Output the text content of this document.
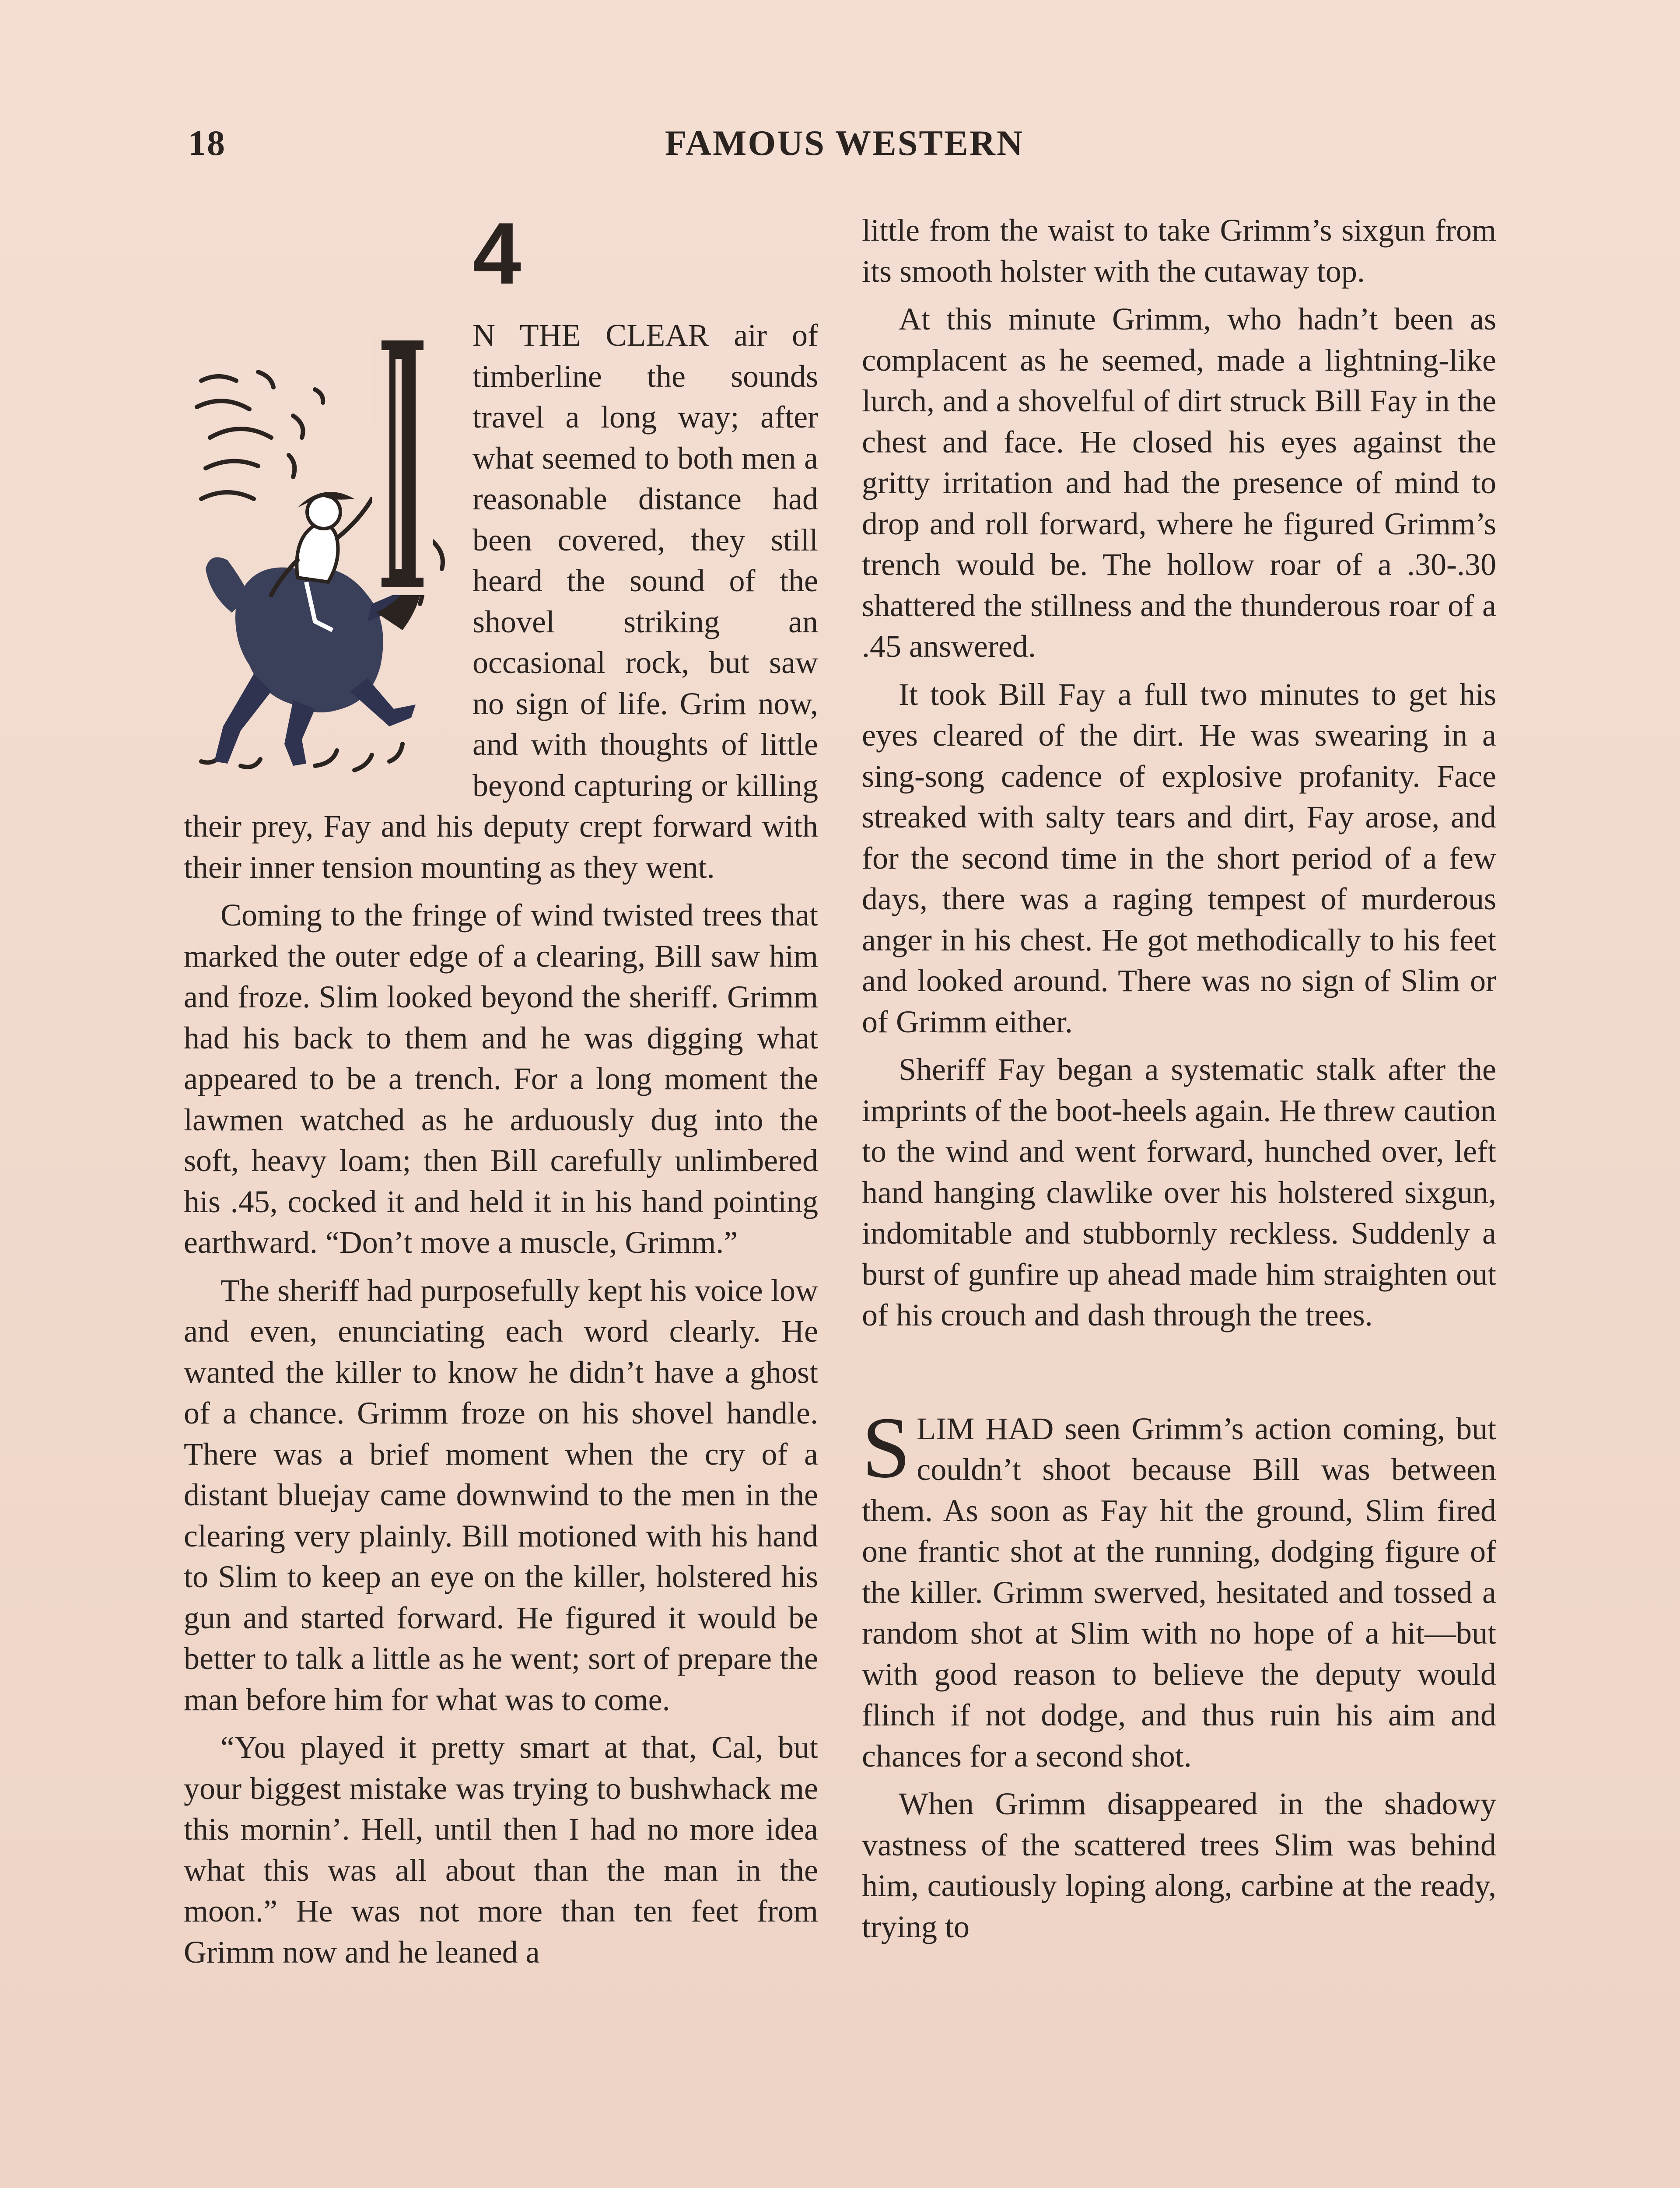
18	FAMOUS WESTERN
4

N THE CLEAR air of timberline the sounds travel a long way; after what seemed to both men a reasonable distance had been covered, they still heard the sound of the shovel striking an occasional rock, but saw no sign of life. Grim now, and with thoughts of little beyond capturing or killing their prey, Fay and his deputy crept forward with their inner tension mounting as they went.

Coming to the fringe of wind twisted trees that marked the outer edge of a clearing, Bill saw him and froze. Slim looked beyond the sheriff. Grimm had his back to them and he was digging what appeared to be a trench. For a long moment the lawmen watched as he arduously dug into the soft, heavy loam; then Bill carefully unlimbered his .45, cocked it and held it in his hand pointing earthward. “Don’t move a muscle, Grimm.”

The sheriff had purposefully kept his voice low and even, enunciating each word clearly. He wanted the killer to know he didn’t have a ghost of a chance. Grimm froze on his shovel handle. There was a brief moment when the cry of a distant bluejay came downwind to the men in the clearing very plainly. Bill motioned with his hand to Slim to keep an eye on the killer, holstered his gun and started forward. He figured it would be better to talk a little as he went; sort of prepare the man before him for what was to come.

“You played it pretty smart at that, Cal, but your biggest mistake was trying to bushwhack me this mornin’. Hell, until then I had no more idea what this was all about than the man in the moon.” He was not more than ten feet from Grimm now and he leaned a

little from the waist to take Grimm’s sixgun from its smooth holster with the cutaway top.

At this minute Grimm, who hadn’t been as complacent as he seemed, made a lightning-like lurch, and a shovelful of dirt struck Bill Fay in the chest and face. He closed his eyes against the gritty irritation and had the presence of mind to drop and roll forward, where he figured Grimm’s trench would be. The hollow roar of a .30-.30 shattered the stillness and the thunderous roar of a .45 answered.

It took Bill Fay a full two minutes to get his eyes cleared of the dirt. He was swearing in a sing-song cadence of explosive profanity. Face streaked with salty tears and dirt, Fay arose, and for the second time in the short period of a few days, there was a raging tempest of murderous anger in his chest. He got methodically to his feet and looked around. There was no sign of Slim or of Grimm either.

Sheriff Fay began a systematic stalk after the imprints of the boot-heels again. He threw caution to the wind and went forward, hunched over, left hand hanging clawlike over his holstered sixgun, indomitable and stubbornly reckless. Suddenly a burst of gunfire up ahead made him straighten out of his crouch and dash through the trees.

SLIM HAD seen Grimm’s action coming, but couldn’t shoot because Bill was between them. As soon as Fay hit the ground, Slim fired one frantic shot at the running, dodging figure of the killer. Grimm swerved, hesitated and tossed a random shot at Slim with no hope of a hit—but with good reason to believe the deputy would flinch if not dodge, and thus ruin his aim and chances for a second shot.

When Grimm disappeared in the shadowy vastness of the scattered trees Slim was behind him, cautiously loping along, carbine at the ready, trying to
